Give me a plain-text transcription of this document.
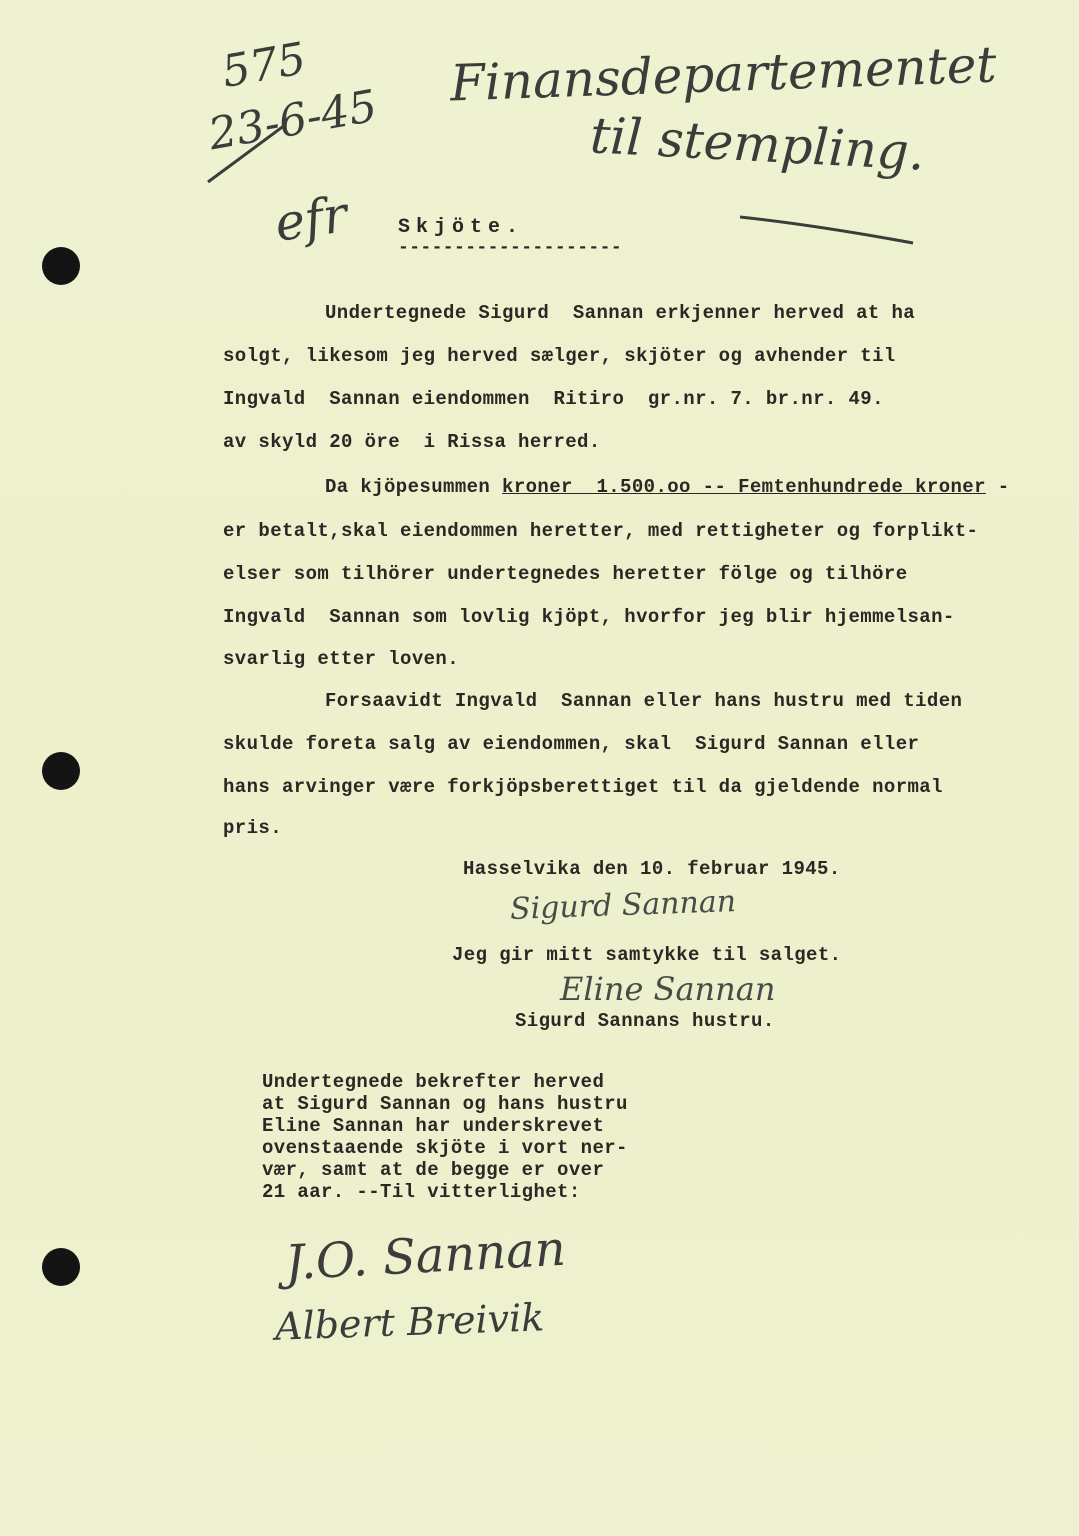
575
23-6-45
Finansdepartementet
til stempling.
efr Skjöte.
--------------------
Undertegnede Sigurd  Sannan erkjenner herved at ha
solgt, likesom jeg herved sælger, skjöter og avhender til
Ingvald  Sannan eiendommen  Ritiro  gr.nr. 7. br.nr. 49.
av skyld 20 öre  i Rissa herred.
Da kjöpesummen kroner  1.500.oo -- Femtenhundrede kroner -
er betalt,skal eiendommen heretter, med rettigheter og forplikt-
elser som tilhörer undertegnedes heretter fölge og tilhöre
Ingvald  Sannan som lovlig kjöpt, hvorfor jeg blir hjemmelsan-
svarlig etter loven.
Forsaavidt Ingvald  Sannan eller hans hustru med tiden
skulde foreta salg av eiendommen, skal  Sigurd Sannan eller
hans arvinger være forkjöpsberettiget til da gjeldende normal
pris.
Hasselvika den 10. februar 1945.
Sigurd Sannan
Jeg gir mitt samtykke til salget.
Eline Sannan
Sigurd Sannans hustru.
Undertegnede bekrefter herved
at Sigurd Sannan og hans hustru
Eline Sannan har underskrevet
ovenstaaende skjöte i vort ner-
vær, samt at de begge er over
21 aar. --Til vitterlighet:
J.O. Sannan
Albert Breivik
